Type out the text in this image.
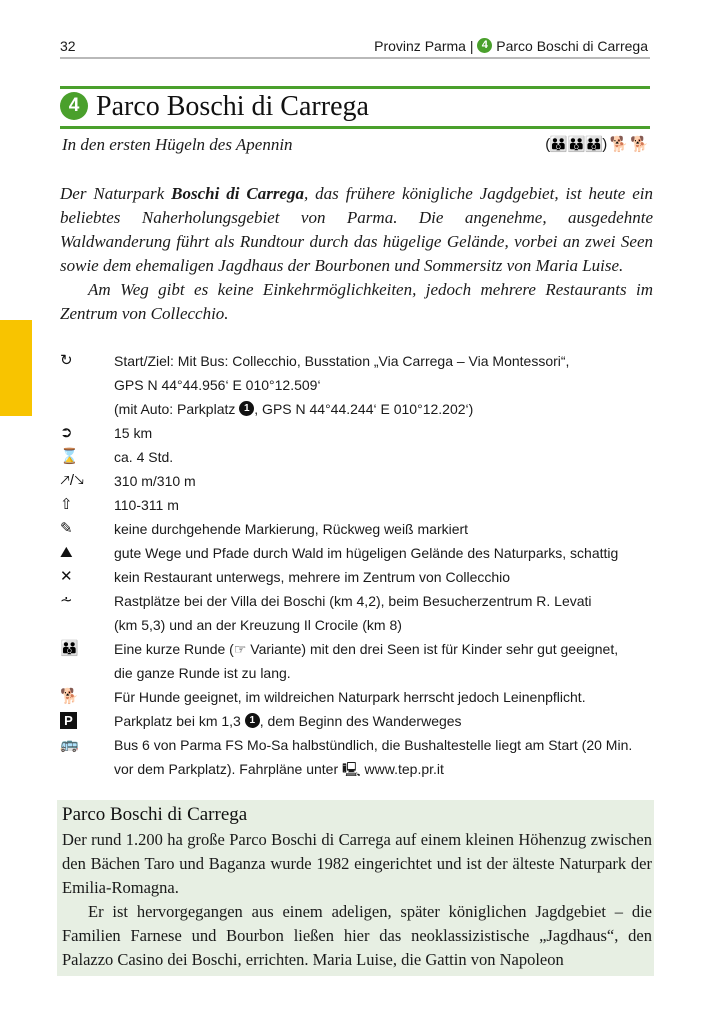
32	Provinz Parma | 4 Parco Boschi di Carrega
4 Parco Boschi di Carrega
In den ersten Hügeln des Apennin	(👪👪👪) 🐕 🐕

Der Naturpark Boschi di Carrega, das frühere königliche Jagdgebiet, ist heute ein beliebtes Naherholungsgebiet von Parma. Die angenehme, ausgedehnte Waldwanderung führt als Rundtour durch das hügelige Gelände, vorbei an zwei Seen sowie dem ehemaligen Jagdhaus der Bourbonen und Sommersitz von Maria Luise.

Am Weg gibt es keine Einkehrmöglichkeiten, jedoch mehrere Restaurants im Zentrum von Collecchio.

↻	Start/Ziel: Mit Bus: Collecchio, Busstation „Via Carrega – Via Montessori“,
GPS N 44°44.956‘ E 010°12.509‘
(mit Auto: Parkplatz 1 , GPS N 44°44.244‘ E 010°12.202‘)
➲	15 km
⌛	ca. 4 Std.
🡕/🡖	310 m/310 m
⇧	110-311 m
✎	keine durchgehende Markierung, Rückweg weiß markiert
⛰	gute Wege und Pfade durch Wald im hügeligen Gelände des Naturparks, schattig
✕	kein Restaurant unterwegs, mehrere im Zentrum von Collecchio
⩪	Rastplätze bei der Villa dei Boschi (km 4,2), beim Besucherzentrum R. Levati
(km 5,3) und an der Kreuzung Il Crocile (km 8)
👪	Eine kurze Runde (☞ Variante) mit den drei Seen ist für Kinder sehr gut geeignet,
die ganze Runde ist zu lang.
🐕	Für Hunde geeignet, im wildreichen Naturpark herrscht jedoch Leinenpflicht.
P	Parkplatz bei km 1,3 1 , dem Beginn des Wanderweges
🚌	Bus 6 von Parma FS Mo-Sa halbstündlich, die Bushaltestelle liegt am Start (20 Min.
vor dem Parkplatz). Fahrpläne unter 🖳 www.tep.pr.it
Parco Boschi di Carrega

Der rund 1.200 ha große Parco Boschi di Carrega auf einem kleinen Höhenzug zwischen den Bächen Taro und Baganza wurde 1982 eingerichtet und ist der älteste Naturpark der Emilia-Romagna.

Er ist hervorgegangen aus einem adeligen, später königlichen Jagdgebiet – die Familien Farnese und Bourbon ließen hier das neoklassizistische „Jagdhaus“, den Palazzo Casino dei Boschi, errichten. Maria Luise, die Gattin von Napoleon
